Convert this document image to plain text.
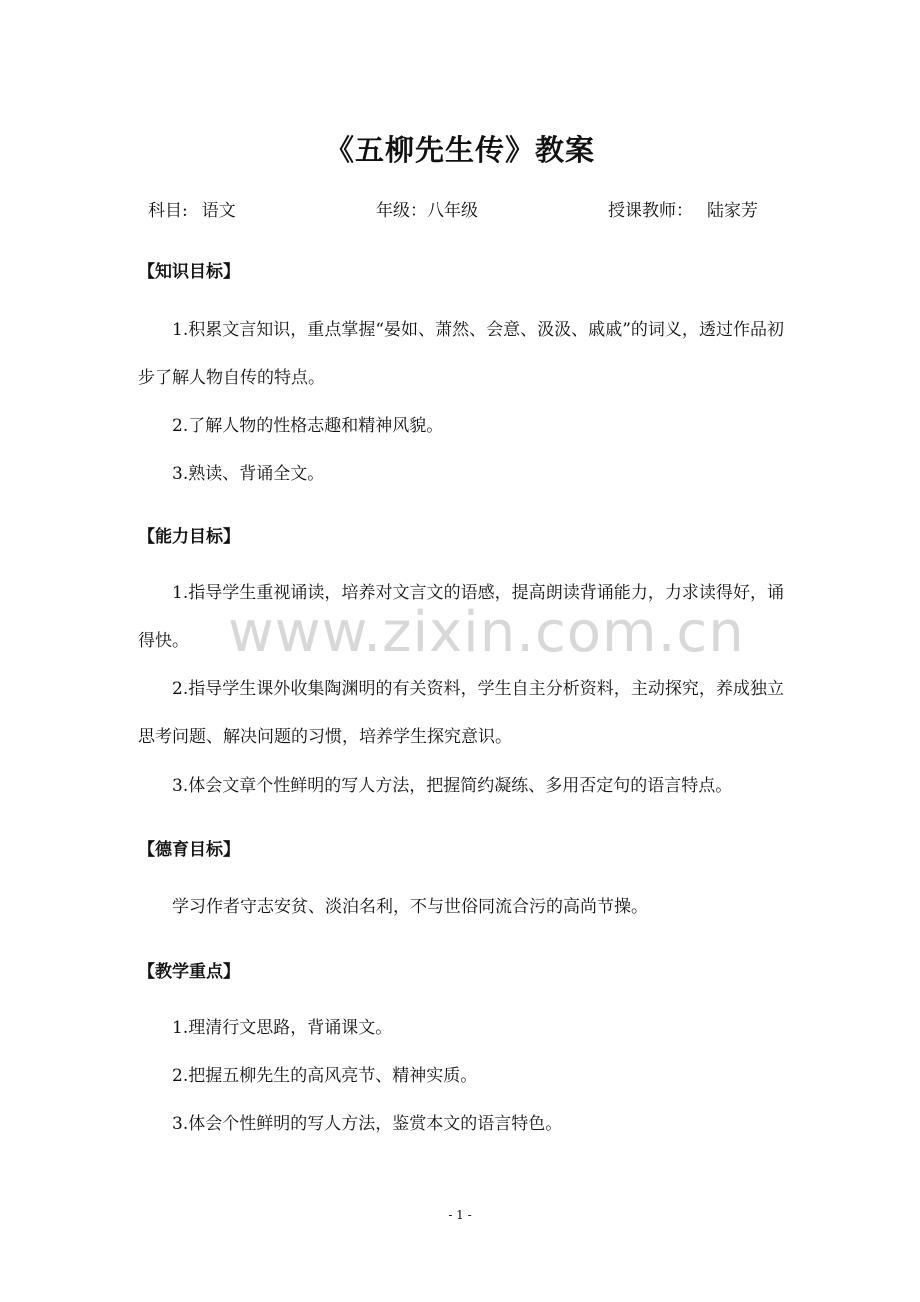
《五柳先生传》教案
科目: 语文	年级：八年级	授课教师： 陆家芳
【知识目标】
1.积累文言知识，重点掌握“晏如、萧然、会意、汲汲、戚戚”的词义，透过作品初步了解人物自传的特点。
2.了解人物的性格志趣和精神风貌。
3.熟读、背诵全文。
【能力目标】
1.指导学生重视诵读，培养对文言文的语感，提高朗读背诵能力，力求读得好，诵得快。
2.指导学生课外收集陶渊明的有关资料，学生自主分析资料，主动探究，养成独立思考问题、解决问题的习惯，培养学生探究意识。
3.体会文章个性鲜明的写人方法，把握简约凝练、多用否定句的语言特点。
【德育目标】
学习作者守志安贫、淡泊名利，不与世俗同流合污的高尚节操。
【教学重点】
1.理清行文思路，背诵课文。
2.把握五柳先生的高风亮节、精神实质。
3.体会个性鲜明的写人方法，鉴赏本文的语言特色。
www.zixin.com.cn
- 1 -
